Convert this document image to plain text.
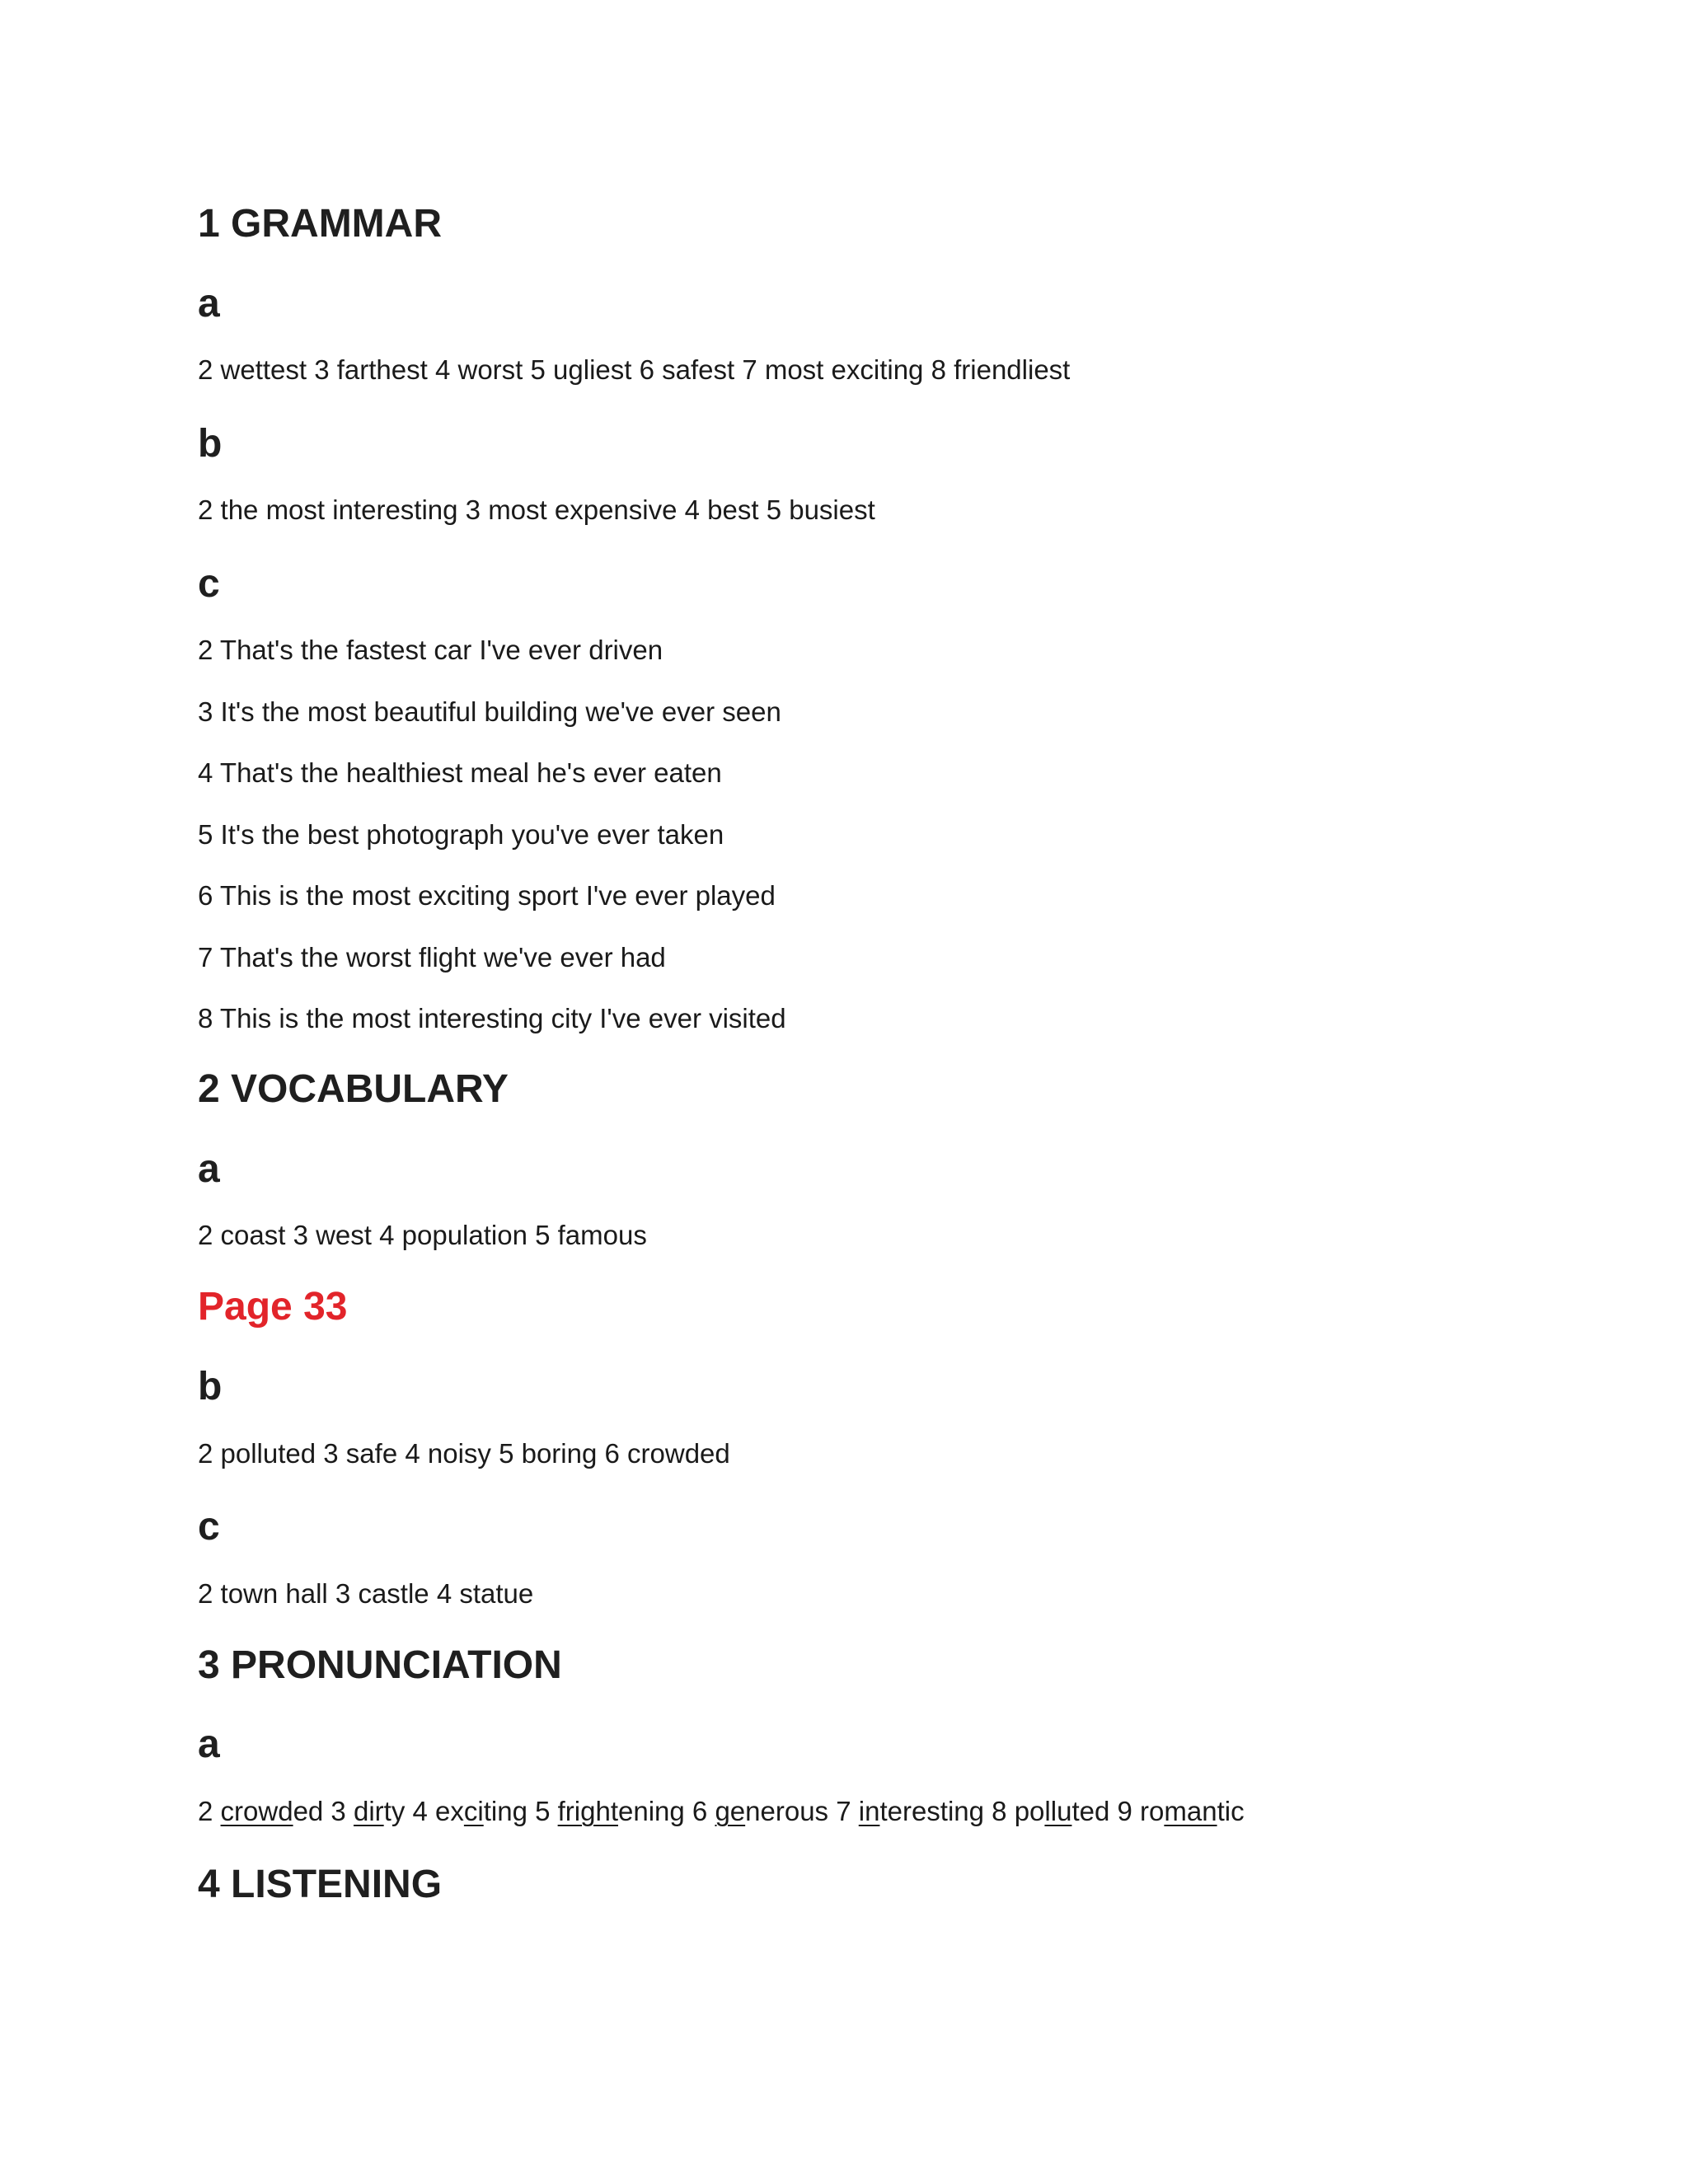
1 GRAMMAR
a
2 wettest 3 farthest 4 worst 5 ugliest 6 safest 7 most exciting 8 friendliest
b
2 the most interesting 3 most expensive 4 best 5 busiest
c
2 That's the fastest car I've ever driven
3 It's the most beautiful building we've ever seen
4 That's the healthiest meal he's ever eaten
5 It's the best photograph you've ever taken
6 This is the most exciting sport I've ever played
7 That's the worst flight we've ever had
8 This is the most interesting city I've ever visited
2 VOCABULARY
a
2 coast 3 west 4 population 5 famous
Page 33
b
2 polluted 3 safe 4 noisy 5 boring 6 crowded
c
2 town hall 3 castle 4 statue
3 PRONUNCIATION
a
2 crowded 3 dirty 4 exciting 5 frightening 6 generous 7 interesting 8 polluted 9 romantic
4 LISTENING
